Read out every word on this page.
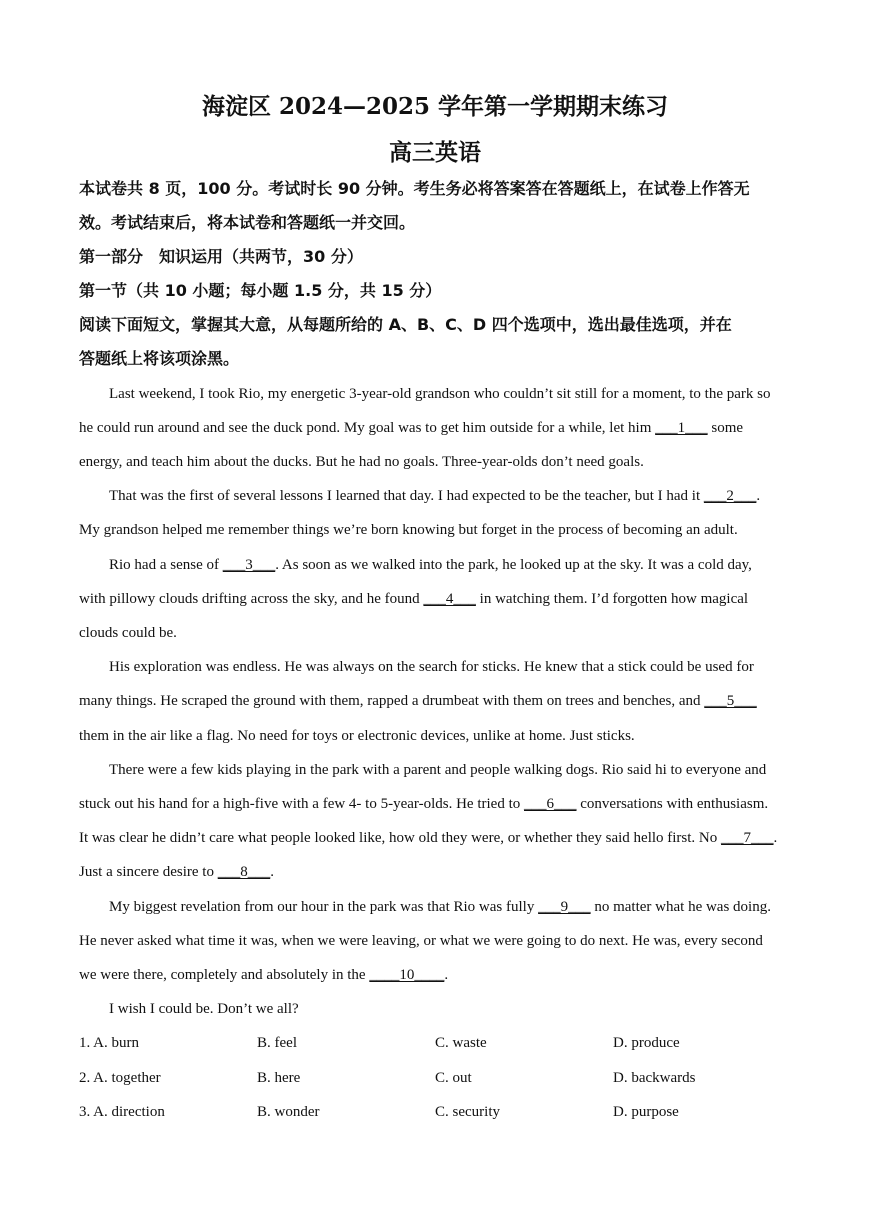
海淀区 2024—2025 学年第一学期期末练习
高三英语
本试卷共 8 页，100 分。考试时长 90 分钟。考生务必将答案答在答题纸上，在试卷上作答无
效。考试结束后，将本试卷和答题纸一并交回。
第一部分　知识运用（共两节，30 分）
第一节（共 10 小题；每小题 1.5 分，共 15 分）
阅读下面短文，掌握其大意，从每题所给的 A、B、C、D 四个选项中，选出最佳选项，并在
答题纸上将该项涂黑。
Last weekend, I took Rio, my energetic 3-year-old grandson who couldn’t sit still for a moment, to the park so
he could run around and see the duck pond. My goal was to get him outside for a while, let him ___1___ some
energy, and teach him about the ducks. But he had no goals. Three-year-olds don’t need goals.
That was the first of several lessons I learned that day. I had expected to be the teacher, but I had it ___2___.
My grandson helped me remember things we’re born knowing but forget in the process of becoming an adult.
Rio had a sense of ___3___. As soon as we walked into the park, he looked up at the sky. It was a cold day,
with pillowy clouds drifting across the sky, and he found ___4___ in watching them. I’d forgotten how magical
clouds could be.
His exploration was endless. He was always on the search for sticks. He knew that a stick could be used for
many things. He scraped the ground with them, rapped a drumbeat with them on trees and benches, and ___5___
them in the air like a flag. No need for toys or electronic devices, unlike at home. Just sticks.
There were a few kids playing in the park with a parent and people walking dogs. Rio said hi to everyone and
stuck out his hand for a high-five with a few 4- to 5-year-olds. He tried to ___6___ conversations with enthusiasm.
It was clear he didn’t care what people looked like, how old they were, or whether they said hello first. No ___7___.
Just a sincere desire to ___8___.
My biggest revelation from our hour in the park was that Rio was fully ___9___ no matter what he was doing.
He never asked what time it was, when we were leaving, or what we were going to do next. He was, every second
we were there, completely and absolutely in the ____10____.
I wish I could be. Don’t we all?
1. A. burn	B. feel	C. waste	D. produce
2. A. together	B. here	C. out	D. backwards
3. A. direction	B. wonder	C. security	D. purpose
